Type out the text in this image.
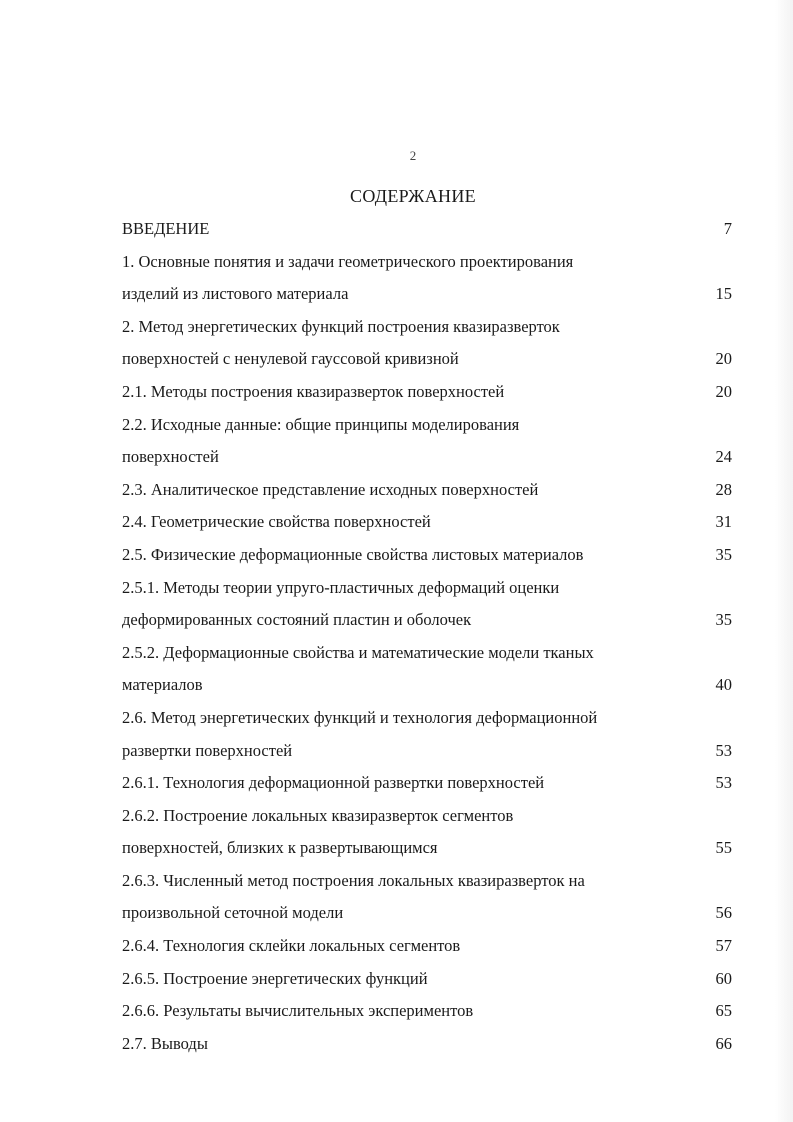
2
СОДЕРЖАНИЕ
ВВЕДЕНИЕ	7
1. Основные понятия и задачи геометрического проектирования
изделий из листового материала	15
2. Метод энергетических функций построения квазиразверток
поверхностей с ненулевой гауссовой кривизной	20
2.1. Методы построения квазиразверток поверхностей	20
2.2. Исходные данные: общие принципы моделирования
поверхностей	24
2.3. Аналитическое представление исходных поверхностей	28
2.4. Геометрические свойства поверхностей	31
2.5. Физические деформационные свойства листовых материалов	35
2.5.1. Методы теории упруго-пластичных деформаций оценки
деформированных состояний пластин и оболочек	35
2.5.2. Деформационные свойства и математические модели тканых
материалов	40
2.6. Метод энергетических функций и технология деформационной
развертки поверхностей	53
2.6.1. Технология деформационной развертки поверхностей	53
2.6.2. Построение локальных квазиразверток сегментов
поверхностей, близких к развертывающимся	55
2.6.3. Численный метод построения локальных квазиразверток на
произвольной сеточной модели	56
2.6.4. Технология склейки локальных сегментов	57
2.6.5. Построение энергетических функций	60
2.6.6. Результаты вычислительных экспериментов	65
2.7. Выводы	66
